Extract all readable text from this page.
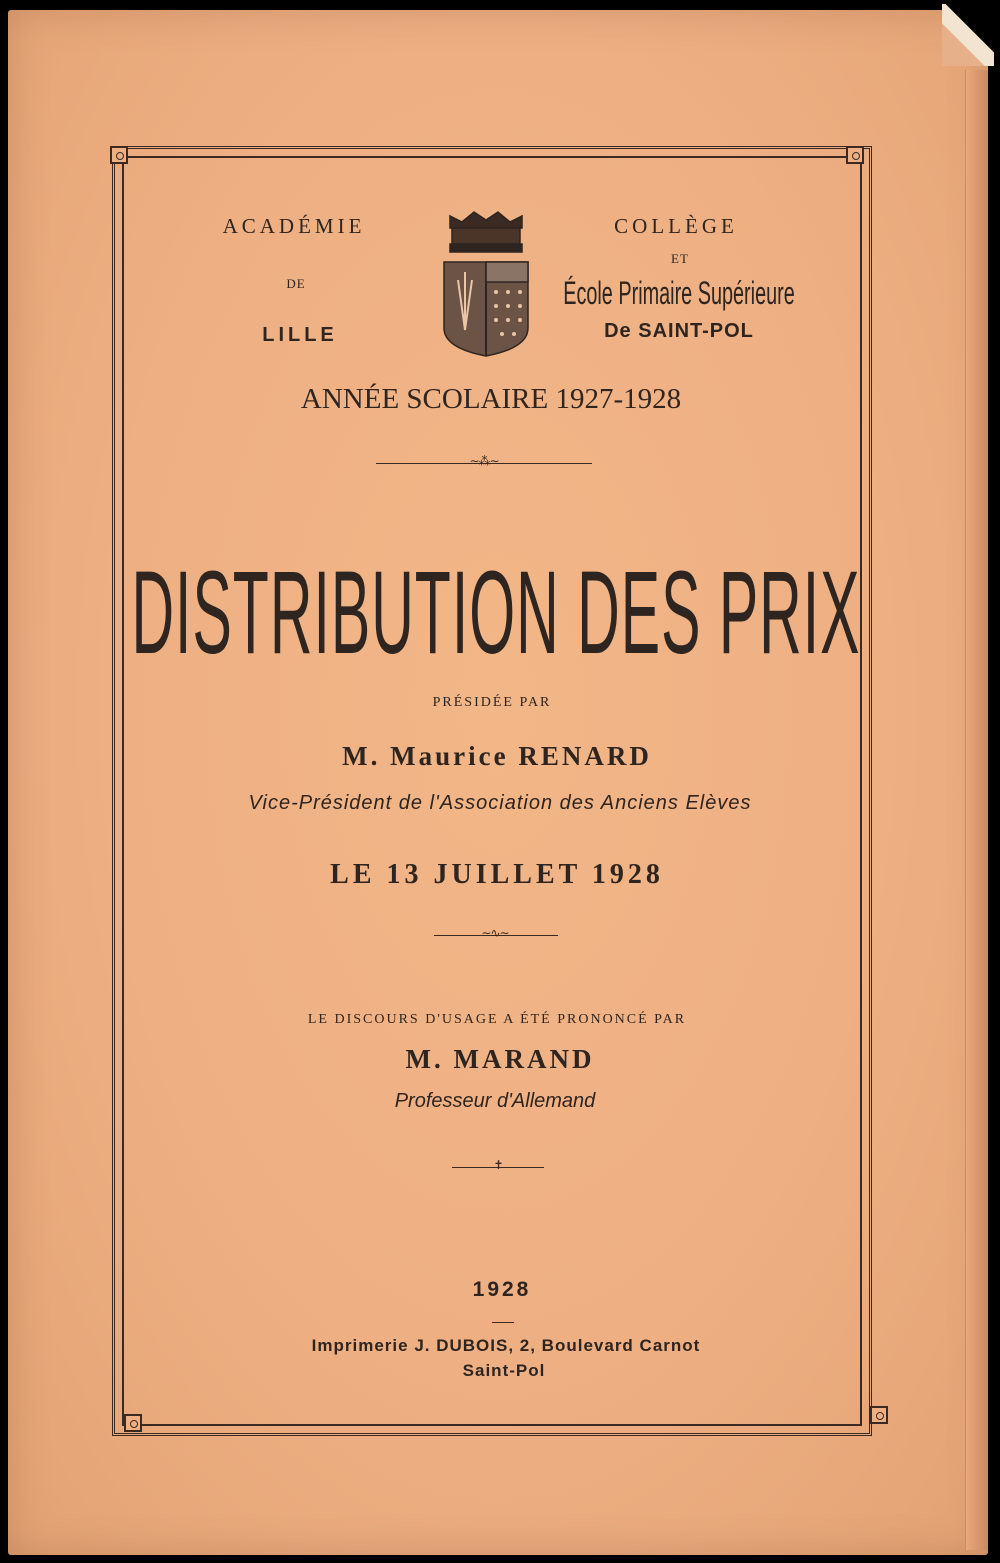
ACADÉMIE
DE
LILLE
COLLÈGE
ET
École Primaire Supérieure
De SAINT-POL
ANNÉE SCOLAIRE 1927-1928
∼⁂∼
DISTRIBUTION DES PRIX
PRÉSIDÉE PAR
M. Maurice RENARD
Vice-Président de l'Association des Anciens Elèves
LE 13 JUILLET 1928
∼∿∼
LE DISCOURS D'USAGE A ÉTÉ PRONONCÉ PAR
M. MARAND
Professeur d'Allemand
✝
1928
Imprimerie J. DUBOIS, 2, Boulevard Carnot
Saint-Pol
